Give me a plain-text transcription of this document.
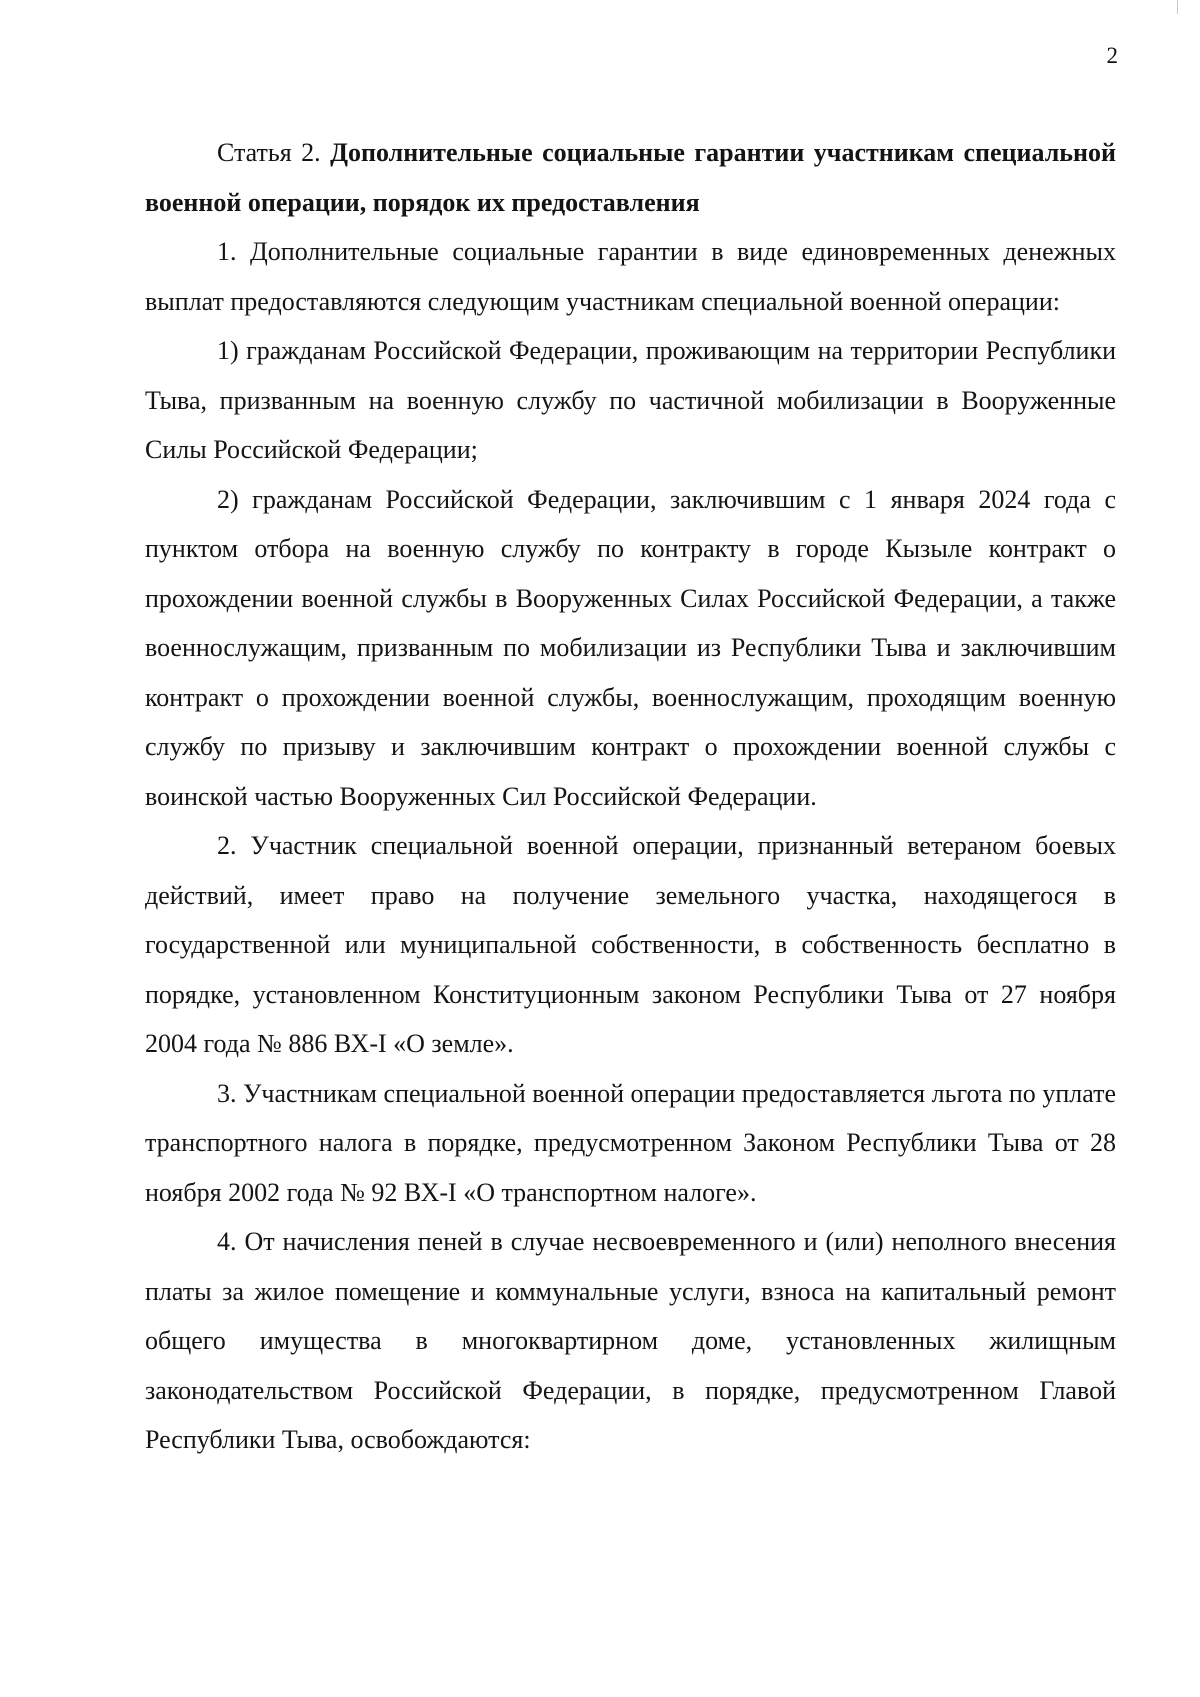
2

Статья 2. Дополнительные социальные гарантии участникам специальной военной операции, порядок их предоставления

1. Дополнительные социальные гарантии в виде единовременных денежных выплат предоставляются следующим участникам специальной военной операции:

1) гражданам Российской Федерации, проживающим на территории Республики Тыва, призванным на военную службу по частичной мобилизации в Вооруженные Силы Российской Федерации;

2) гражданам Российской Федерации, заключившим с 1 января 2024 года с пунктом отбора на военную службу по контракту в городе Кызыле контракт о прохождении военной службы в Вооруженных Силах Российской Федерации, а также военнослужащим, призванным по мобилизации из Республики Тыва и заключившим контракт о прохождении военной службы, военнослужащим, проходящим военную службу по призыву и заключившим контракт о прохождении военной службы с воинской частью Вооруженных Сил Российской Федерации.

2. Участник специальной военной операции, признанный ветераном боевых действий, имеет право на получение земельного участка, находящегося в государственной или муниципальной собственности, в собственность бесплатно в порядке, установленном Конституционным законом Республики Тыва от 27 ноября 2004 года № 886 ВХ-I «О земле».

3. Участникам специальной военной операции предоставляется льгота по уплате транспортного налога в порядке, предусмотренном Законом Республики Тыва от 28 ноября 2002 года № 92 ВХ-I «О транспортном налоге».

4. От начисления пеней в случае несвоевременного и (или) неполного внесения платы за жилое помещение и коммунальные услуги, взноса на капитальный ремонт общего имущества в многоквартирном доме, установленных жилищным законодательством Российской Федерации, в порядке, предусмотренном Главой Республики Тыва, освобождаются:
